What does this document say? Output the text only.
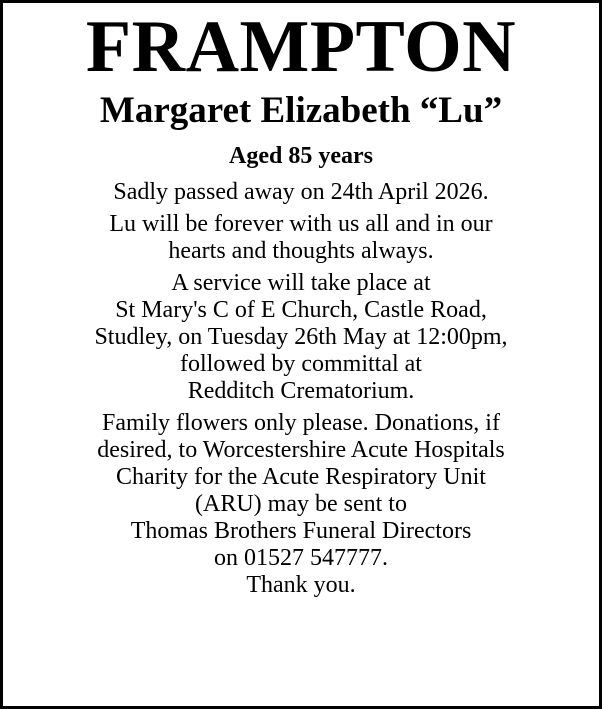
FRAMPTON
Margaret Elizabeth “Lu”
Aged 85 years
Sadly passed away on 24th April 2026.
Lu will be forever with us all and in our
hearts and thoughts always.
A service will take place at
St Mary's C of E Church, Castle Road,
Studley, on Tuesday 26th May at 12:00pm,
followed by committal at
Redditch Crematorium.
Family flowers only please. Donations, if
desired, to Worcestershire Acute Hospitals
Charity for the Acute Respiratory Unit
(ARU) may be sent to
Thomas Brothers Funeral Directors
on 01527 547777.
Thank you.
